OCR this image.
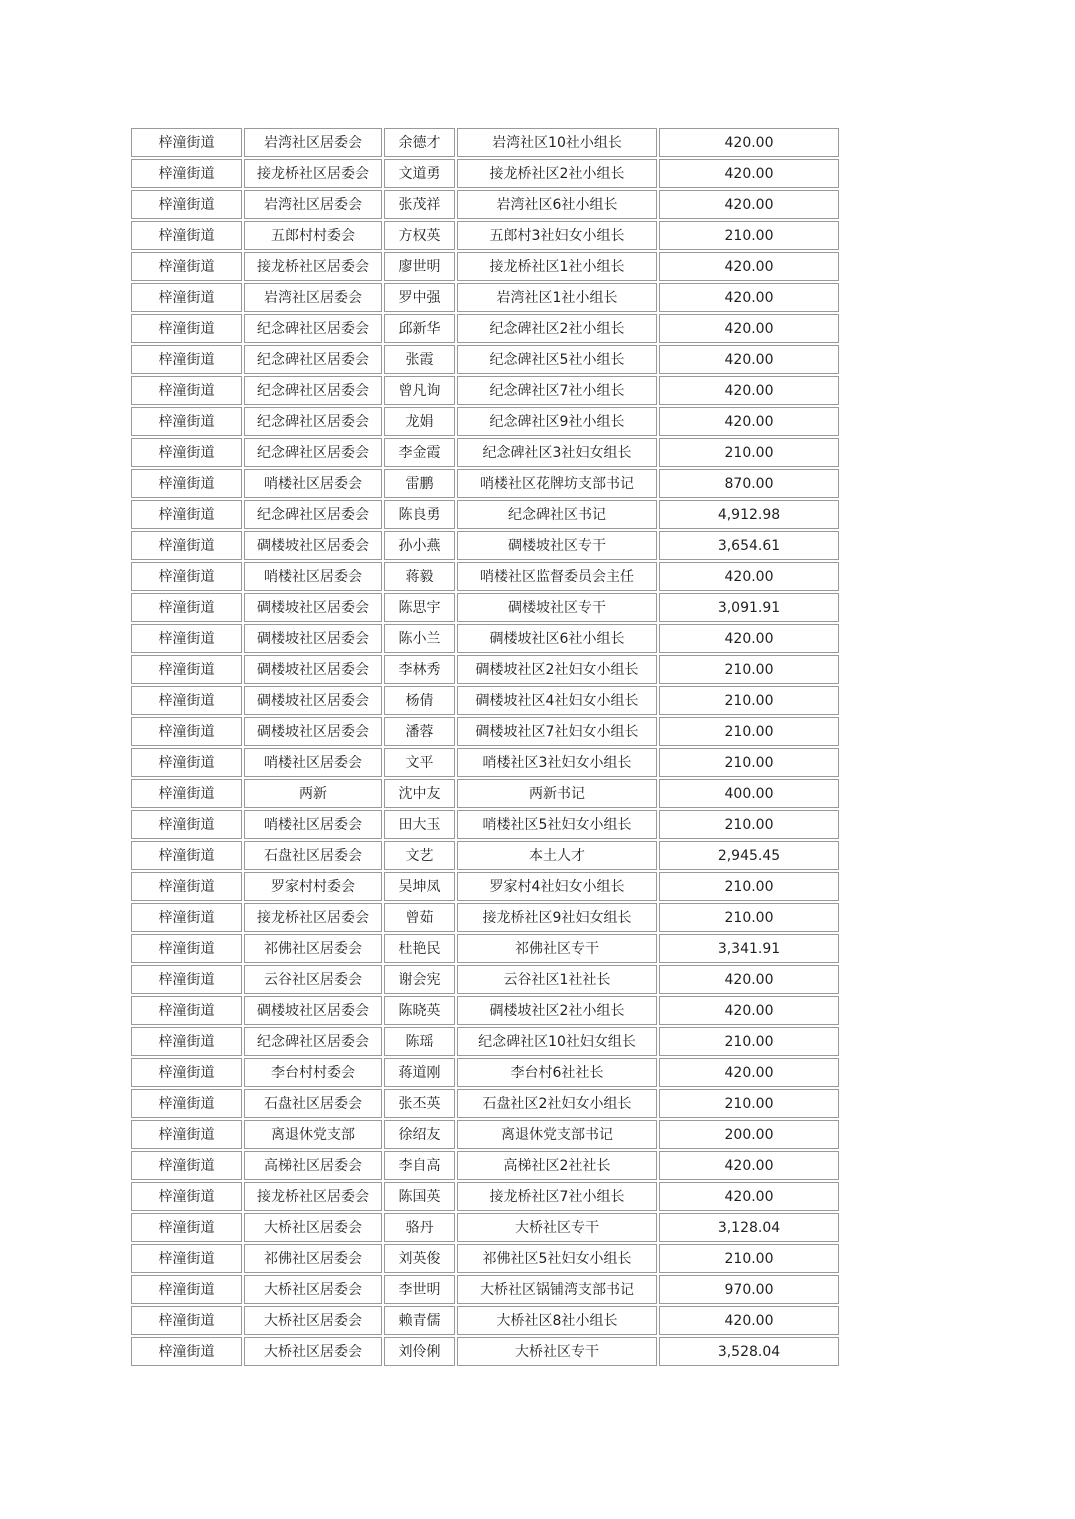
梓潼街道	岩湾社区居委会	余德才	岩湾社区10社小组长	420.00
梓潼街道	接龙桥社区居委会	文道勇	接龙桥社区2社小组长	420.00
梓潼街道	岩湾社区居委会	张茂祥	岩湾社区6社小组长	420.00
梓潼街道	五郎村村委会	方权英	五郎村3社妇女小组长	210.00
梓潼街道	接龙桥社区居委会	廖世明	接龙桥社区1社小组长	420.00
梓潼街道	岩湾社区居委会	罗中强	岩湾社区1社小组长	420.00
梓潼街道	纪念碑社区居委会	邱新华	纪念碑社区2社小组长	420.00
梓潼街道	纪念碑社区居委会	张霞	纪念碑社区5社小组长	420.00
梓潼街道	纪念碑社区居委会	曾凡询	纪念碑社区7社小组长	420.00
梓潼街道	纪念碑社区居委会	龙娟	纪念碑社区9社小组长	420.00
梓潼街道	纪念碑社区居委会	李金霞	纪念碑社区3社妇女组长	210.00
梓潼街道	哨楼社区居委会	雷鹏	哨楼社区花牌坊支部书记	870.00
梓潼街道	纪念碑社区居委会	陈良勇	纪念碑社区书记	4,912.98
梓潼街道	碉楼坡社区居委会	孙小燕	碉楼坡社区专干	3,654.61
梓潼街道	哨楼社区居委会	蒋毅	哨楼社区监督委员会主任	420.00
梓潼街道	碉楼坡社区居委会	陈思宇	碉楼坡社区专干	3,091.91
梓潼街道	碉楼坡社区居委会	陈小兰	碉楼坡社区6社小组长	420.00
梓潼街道	碉楼坡社区居委会	李林秀	碉楼坡社区2社妇女小组长	210.00
梓潼街道	碉楼坡社区居委会	杨倩	碉楼坡社区4社妇女小组长	210.00
梓潼街道	碉楼坡社区居委会	潘蓉	碉楼坡社区7社妇女小组长	210.00
梓潼街道	哨楼社区居委会	文平	哨楼社区3社妇女小组长	210.00
梓潼街道	两新	沈中友	两新书记	400.00
梓潼街道	哨楼社区居委会	田大玉	哨楼社区5社妇女小组长	210.00
梓潼街道	石盘社区居委会	文艺	本土人才	2,945.45
梓潼街道	罗家村村委会	吴坤凤	罗家村4社妇女小组长	210.00
梓潼街道	接龙桥社区居委会	曾茹	接龙桥社区9社妇女组长	210.00
梓潼街道	祁佛社区居委会	杜艳民	祁佛社区专干	3,341.91
梓潼街道	云谷社区居委会	谢会宪	云谷社区1社社长	420.00
梓潼街道	碉楼坡社区居委会	陈晓英	碉楼坡社区2社小组长	420.00
梓潼街道	纪念碑社区居委会	陈瑶	纪念碑社区10社妇女组长	210.00
梓潼街道	李台村村委会	蒋道刚	李台村6社社长	420.00
梓潼街道	石盘社区居委会	张丕英	石盘社区2社妇女小组长	210.00
梓潼街道	离退休党支部	徐绍友	离退休党支部书记	200.00
梓潼街道	高梯社区居委会	李自高	高梯社区2社社长	420.00
梓潼街道	接龙桥社区居委会	陈国英	接龙桥社区7社小组长	420.00
梓潼街道	大桥社区居委会	骆丹	大桥社区专干	3,128.04
梓潼街道	祁佛社区居委会	刘英俊	祁佛社区5社妇女小组长	210.00
梓潼街道	大桥社区居委会	李世明	大桥社区锅铺湾支部书记	970.00
梓潼街道	大桥社区居委会	赖青儒	大桥社区8社小组长	420.00
梓潼街道	大桥社区居委会	刘伶俐	大桥社区专干	3,528.04
